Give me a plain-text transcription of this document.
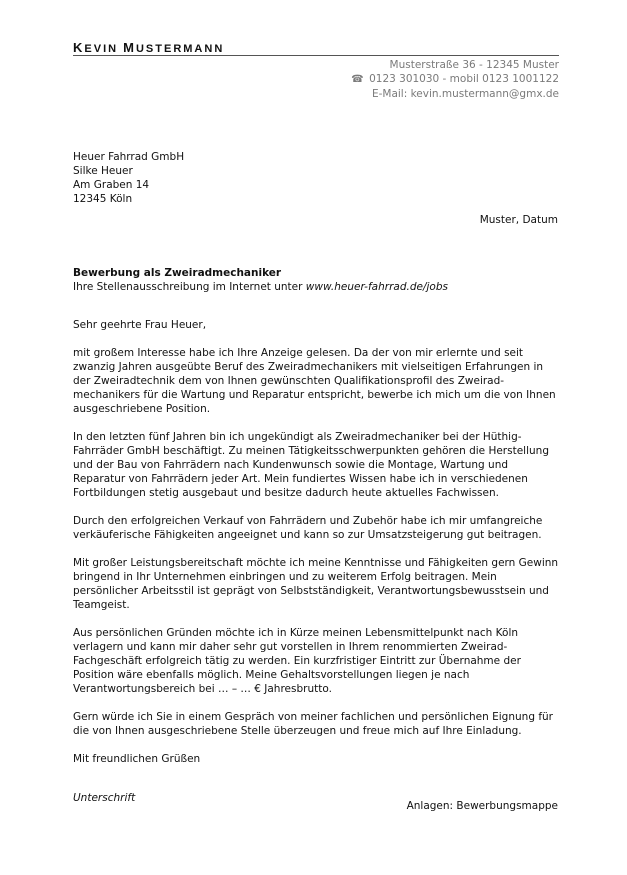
KEVIN MUSTERMANN
Musterstraße 36 - 12345 Muster
☎ 0123 301030 - mobil 0123 1001122
E-Mail: kevin.mustermann@gmx.de
Heuer Fahrrad GmbH
Silke Heuer
Am Graben 14
12345 Köln
Muster, Datum
Bewerbung als Zweiradmechaniker
Ihre Stellenausschreibung im Internet unter www.heuer-fahrrad.de/jobs

Sehr geehrte Frau Heuer,

mit großem Interesse habe ich Ihre Anzeige gelesen. Da der von mir erlernte und seit zwanzig Jahren ausgeübte Beruf des Zweiradmechanikers mit vielseitigen Erfahrungen in der Zweiradtechnik dem von Ihnen gewünschten Qualifikationsprofil des Zweirad-mechanikers für die Wartung und Reparatur entspricht, bewerbe ich mich um die von Ihnen ausgeschriebene Position.

In den letzten fünf Jahren bin ich ungekündigt als Zweiradmechaniker bei der Hüthig-Fahrräder GmbH beschäftigt. Zu meinen Tätigkeitsschwerpunkten gehören die Herstellung und der Bau von Fahrrädern nach Kundenwunsch sowie die Montage, Wartung und Reparatur von Fahrrädern jeder Art. Mein fundiertes Wissen habe ich in verschiedenen Fortbildungen stetig ausgebaut und besitze dadurch heute aktuelles Fachwissen.

Durch den erfolgreichen Verkauf von Fahrrädern und Zubehör habe ich mir umfangreiche verkäuferische Fähigkeiten angeeignet und kann so zur Umsatzsteigerung gut beitragen.

Mit großer Leistungsbereitschaft möchte ich meine Kenntnisse und Fähigkeiten gern Gewinn bringend in Ihr Unternehmen einbringen und zu weiterem Erfolg beitragen. Mein persönlicher Arbeitsstil ist geprägt von Selbstständigkeit, Verantwortungsbewusstsein und Teamgeist.

Aus persönlichen Gründen möchte ich in Kürze meinen Lebensmittelpunkt nach Köln verlagern und kann mir daher sehr gut vorstellen in Ihrem renommierten Zweirad-Fachgeschäft erfolgreich tätig zu werden. Ein kurzfristiger Eintritt zur Übernahme der Position wäre ebenfalls möglich. Meine Gehaltsvorstellungen liegen je nach Verantwortungsbereich bei … – … € Jahresbrutto.

Gern würde ich Sie in einem Gespräch von meiner fachlichen und persönlichen Eignung für die von Ihnen ausgeschriebene Stelle überzeugen und freue mich auf Ihre Einladung.

Mit freundlichen Grüßen

Unterschrift

Anlagen: Bewerbungsmappe
